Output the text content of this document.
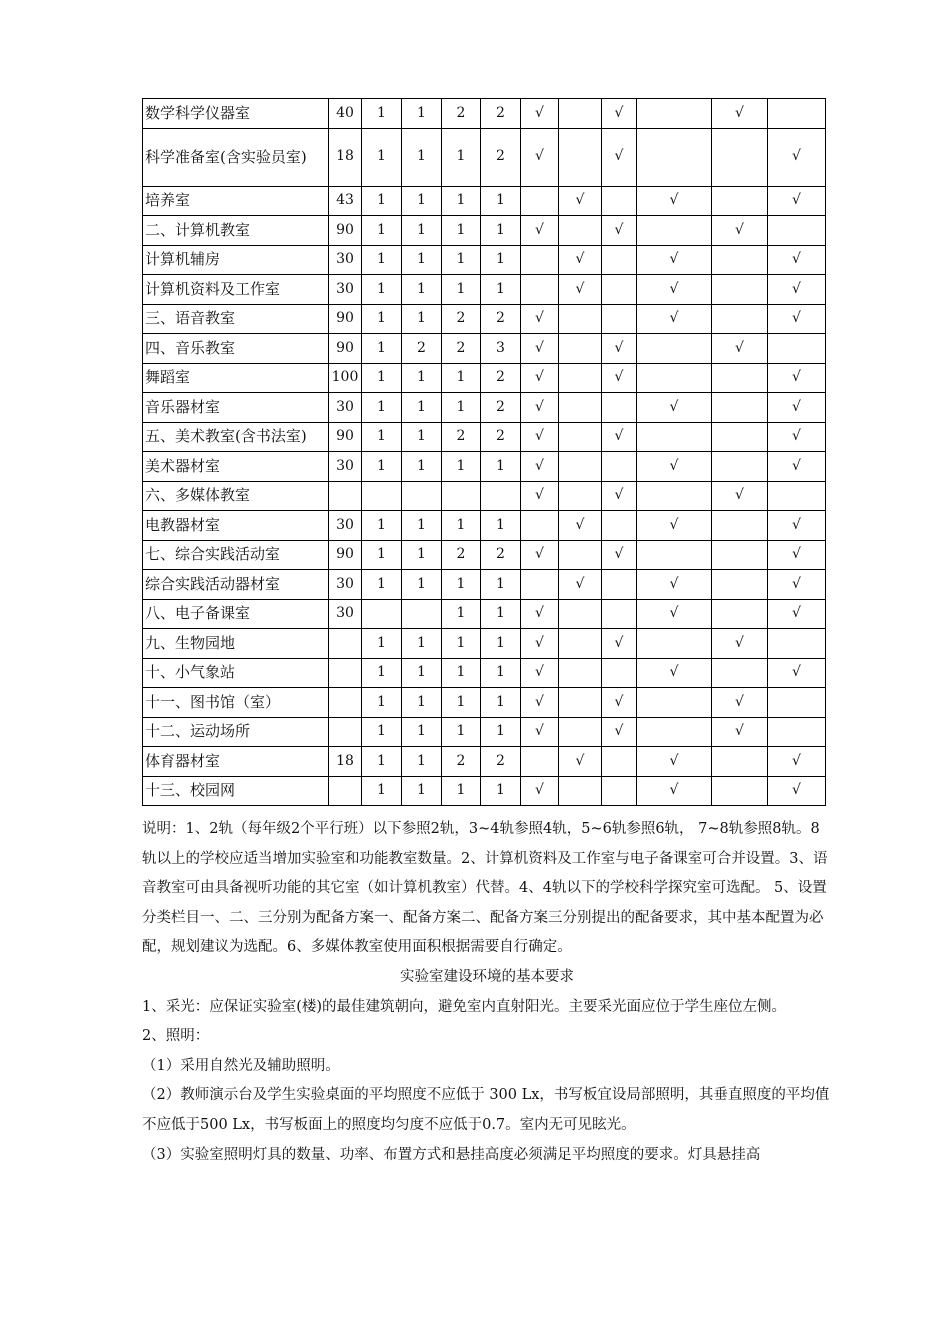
数学科学仪器室	40	1	1	2	2	√		√		√	
科学准备室(含实验员室)	18	1	1	1	2	√		√			√
培养室	43	1	1	1	1		√		√		√
二、计算机教室	90	1	1	1	1	√		√		√	
计算机辅房	30	1	1	1	1		√		√		√
计算机资料及工作室	30	1	1	1	1		√		√		√
三、语音教室	90	1	1	2	2	√			√		√
四、音乐教室	90	1	2	2	3	√		√		√	
舞蹈室	100	1	1	1	2	√		√			√
音乐器材室	30	1	1	1	2	√			√		√
五、美术教室(含书法室)	90	1	1	2	2	√		√			√
美术器材室	30	1	1	1	1	√			√		√
六、多媒体教室						√		√		√	
电教器材室	30	1	1	1	1		√		√		√
七、综合实践活动室	90	1	1	2	2	√		√			√
综合实践活动器材室	30	1	1	1	1		√		√		√
八、电子备课室	30			1	1	√			√		√
九、生物园地		1	1	1	1	√		√		√	
十、小气象站		1	1	1	1	√			√		√
十一、图书馆（室）		1	1	1	1	√		√		√	
十二、运动场所		1	1	1	1	√		√		√	
体育器材室	18	1	1	2	2		√		√		√
十三、校园网		1	1	1	1	√			√		√

说明：1、2轨（每年级2个平行班）以下参照2轨，3~4轨参照4轨，5~6轨参照6轨， 7~8轨参照8轨。8轨以上的学校应适当增加实验室和功能教室数量。2、计算机资料及工作室与电子备课室可合并设置。3、语音教室可由具备视听功能的其它室（如计算机教室）代替。4、4轨以下的学校科学探究室可选配。 5、设置分类栏目一、二、三分别为配备方案一、配备方案二、配备方案三分别提出的配备要求，其中基本配置为必配，规划建议为选配。6、多媒体教室使用面积根据需要自行确定。

实验室建设环境的基本要求

1、采光：应保证实验室(楼)的最佳建筑朝向，避免室内直射阳光。主要采光面应位于学生座位左侧。

2、照明：

（1）采用自然光及辅助照明。

（2）教师演示台及学生实验桌面的平均照度不应低于 300 Lx，书写板宜设局部照明，其垂直照度的平均值不应低于500 Lx，书写板面上的照度均匀度不应低于0.7。室内无可见眩光。

（3）实验室照明灯具的数量、功率、布置方式和悬挂高度必须满足平均照度的要求。灯具悬挂高
